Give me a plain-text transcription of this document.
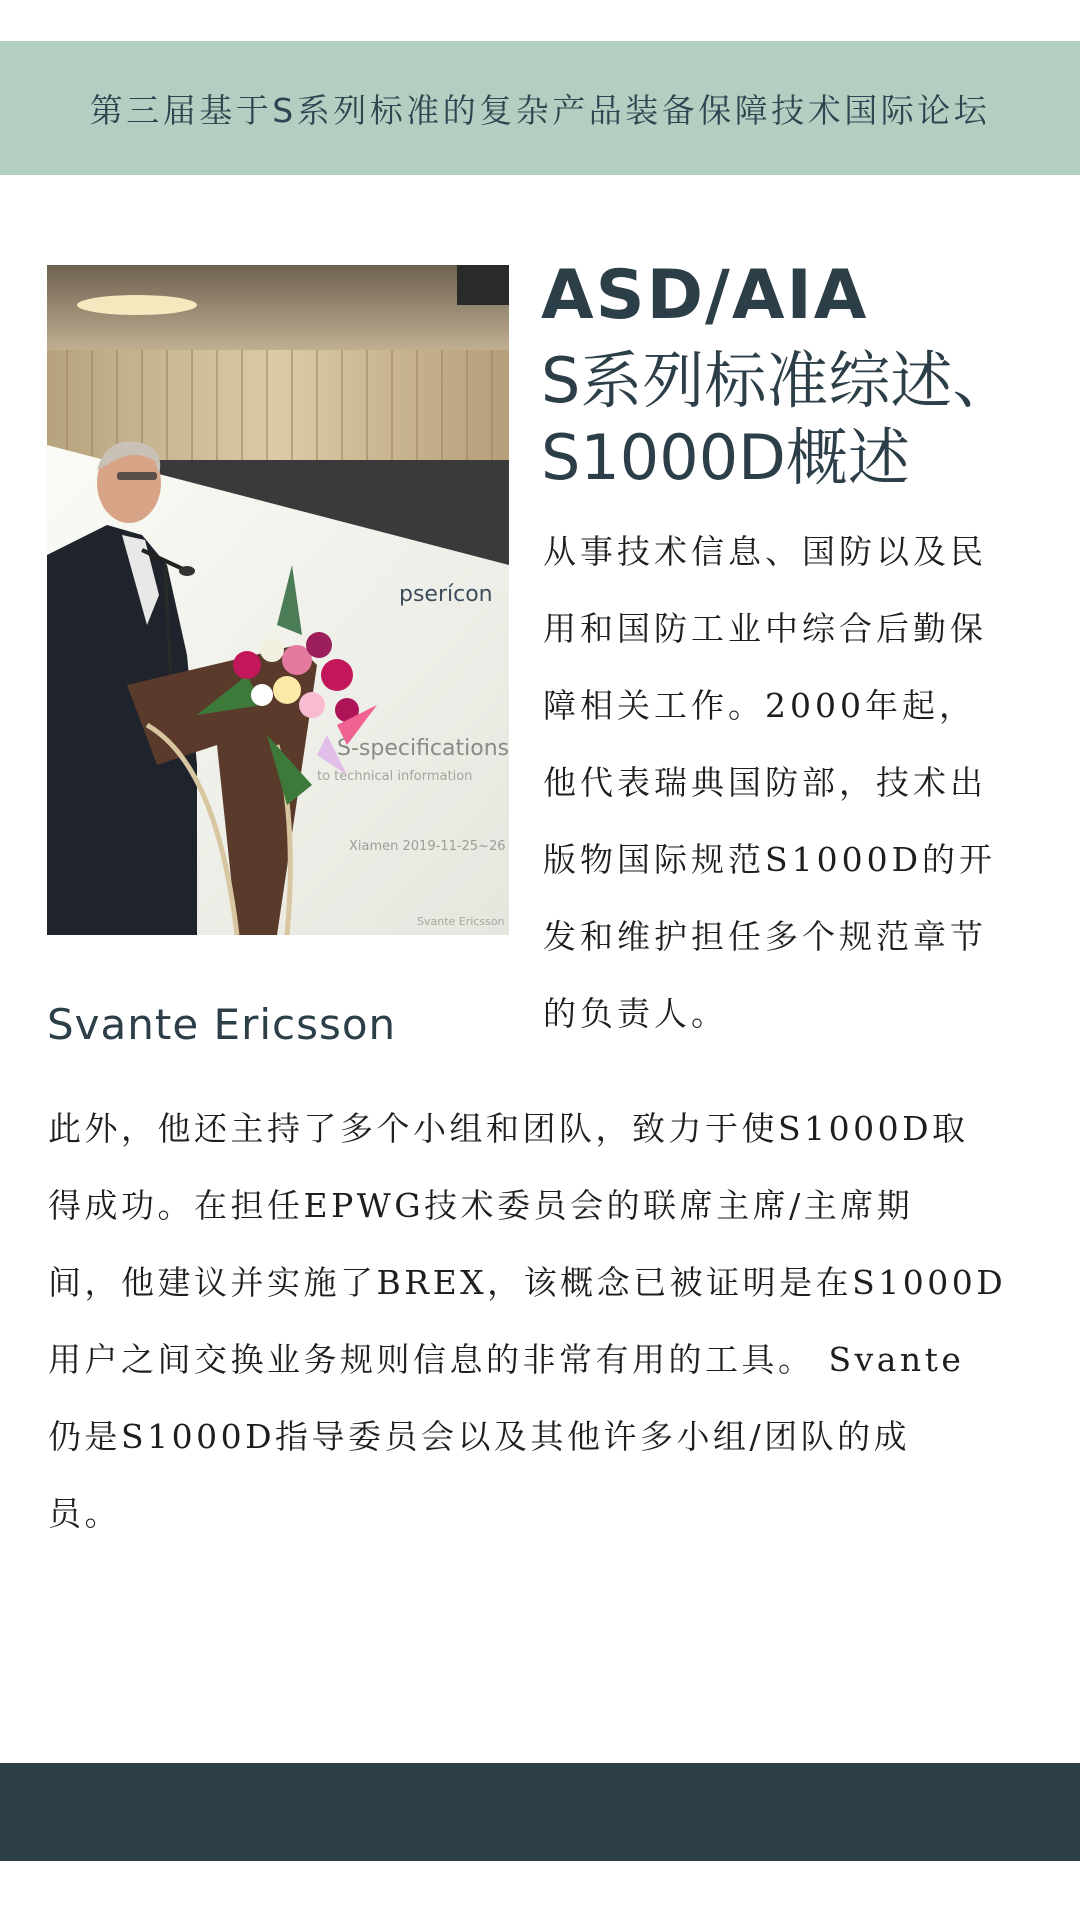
第三届基于S系列标准的复杂产品装备保障技术国际论坛
pserícon
S-specifications
to technical information
Xiamen 2019-11-25~26
Svante Ericsson
ASD/AIA
S系列标准综述、
S1000D概述
从事技术信息、国防以及民
用和国防工业中综合后勤保
障相关工作。2000年起，
他代表瑞典国防部，技术出
版物国际规范S1000D的开
发和维护担任多个规范章节
的负责人。
Svante Ericsson
此外，他还主持了多个小组和团队，致力于使S1000D取
得成功。在担任EPWG技术委员会的联席主席/主席期
间，他建议并实施了BREX，该概念已被证明是在S1000D
用户之间交换业务规则信息的非常有用的工具。 Svante
仍是S1000D指导委员会以及其他许多小组/团队的成
员。
